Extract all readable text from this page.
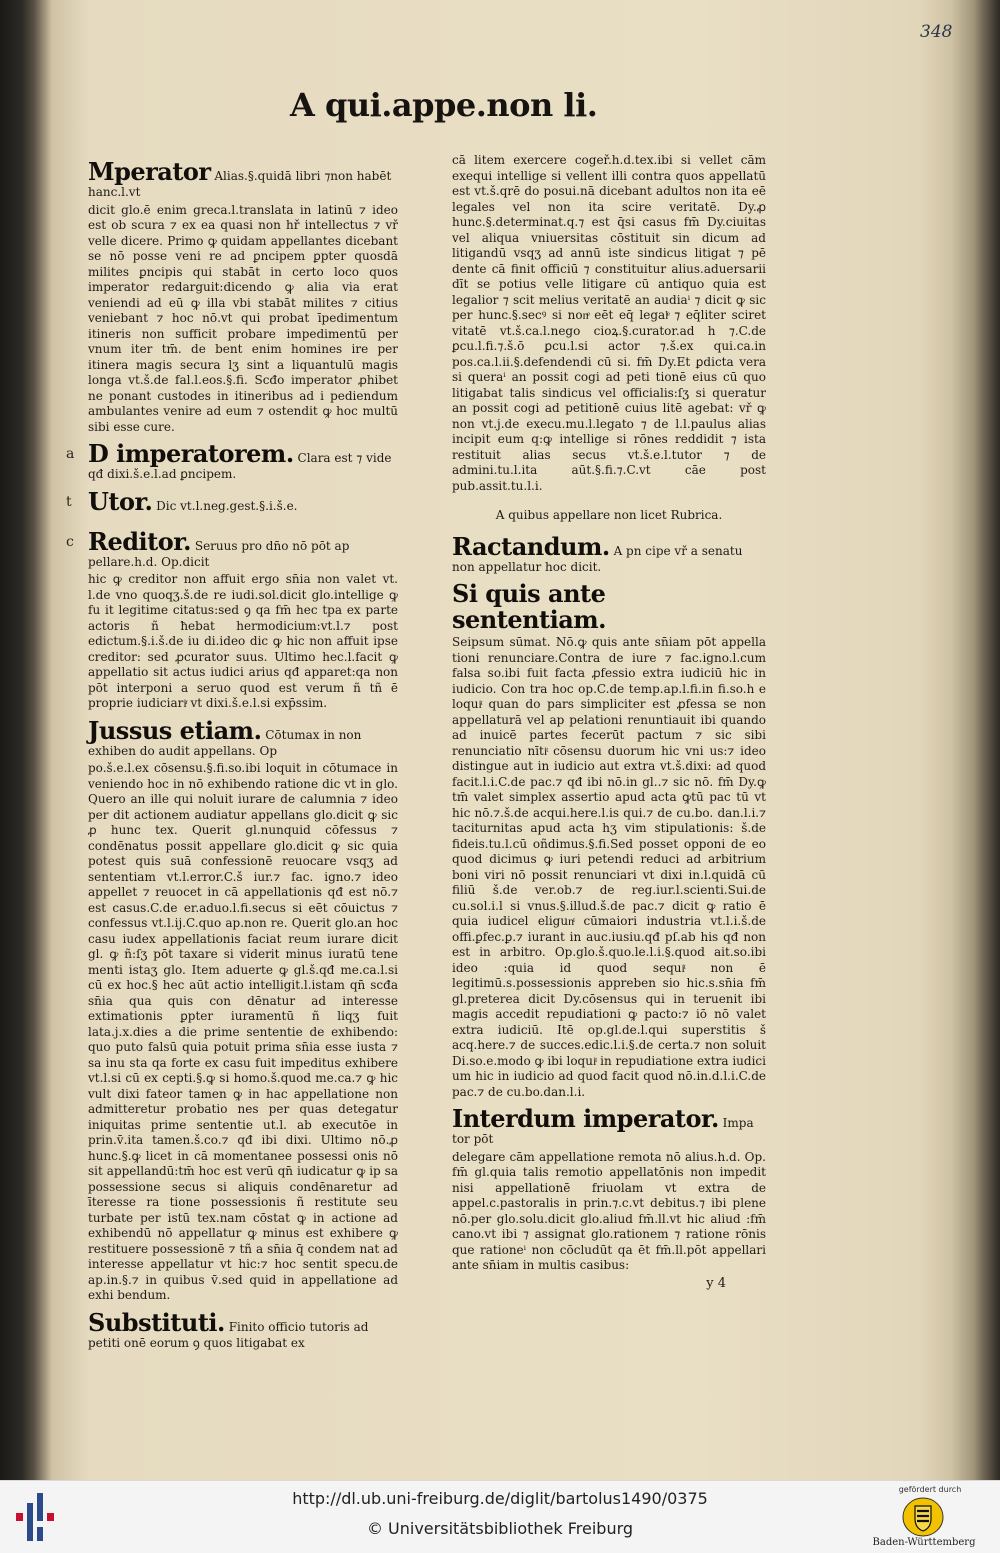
348
A qui.appe.non li.
Mperator Alias.§.quidā libri ⁊non habēt hanc.l.vt

dicit glo.ē enim greca.l.translata in latinū ⁊ ideo est ob scura ⁊ ex ea quasi non hř intellectus ⁊ vř velle dicere. Primo ꝙ quidam appellantes dicebant se nō posse veni re ad ꝑncipem ꝑpter quosdā milites ꝑncipis qui stabāt in certo loco quos imperator redarguit:dicendo ꝙ alia via erat veniendi ad eū ꝙ illa vbi stabāt milites ⁊ citius veniebant ⁊ hoc nō.vt qui probat īpedimentum itineris non sufficit probare impedimentū per vnum iter tm̄. de bent enim homines ire per itinera magis secura lʒ sint a liquantulū magis longa vt.š.de fal.l.eos.§.fi. Scđo imperator ꝓhibet ne ponant custodes in itineribus ad i pediendum ambulantes venire ad eum ⁊ ostendit ꝙ hoc multū sibi esse cure.

a D imperatorem. Clara est ⁊ vide qđ dixi.š.e.l.ad ꝑncipem.
t Utor. Dic vt.l.neg.gest.§.i.š.e.
c Reditor. Seruus pro dn̄o nō pōt ap pellare.h.d. Op.dicit

hic ꝙ creditor non affuit ergo sn̄ia non valet vt. l.de vno quoqʒ.š.de re iudi.sol.dicit glo.intellige ꝙ fu it legitime citatus:sed ꝯ qa fm̄ hec tpa ex parte actoris ñ ħebat hermodicium:vt.l.⁊ post edictum.§.i.š.de iu di.ideo dic ꝙ hic non affuit ipse creditor: sed ꝓcurator suus. Ultimo hec.l.facit ꝙ appellatio sit actus iudici arius qđ apparet:qa non pōt interponi a seruo quod est verum ñ tñ ē proprie iudiciariͬ vt dixi.š.e.l.si exp̄ssim.

Jussus etiam. Cōtumax in non exhiben do audit appellans. Op

po.š.e.l.ex cōsensu.§.fi.so.ibi loquit in cōtumace in veniendo hoc in nō exhibendo ratione dic vt in glo. Quero an ille qui noluit iurare de calumnia ⁊ ideo per dit actionem audiatur appellans glo.dicit ꝙ sic ꝓ hunc tex. Querit gl.nunquid cōfessus ⁊ condēnatus possit appellare glo.dicit ꝙ sic quia potest quis suā confessionē reuocare vsqʒ ad sententiam vt.l.error.C.š iur.⁊ fac. igno.⁊ ideo appellet ⁊ reuocet in cā appellationis qđ est nō.⁊ est casus.C.de er.aduo.l.fi.secus si eēt cōuictus ⁊ confessus vt.l.ij.C.quo ap.non re. Querit glo.an hoc casu iudex appellationis faciat reum iurare dicit gl. ꝙ ñ:ſʒ pōt taxare si viderit minus iuratū tene menti istaʒ glo. Item aduerte ꝙ gl.š.qđ me.ca.l.si cū ex hoc.§ hec aūt actio intelligit.l.istam qn̄ scđa sn̄ia qua quis con dēnatur ad interesse extimationis ꝑpter iuramentū ñ liqʒ fuit lata.j.x.dies a die prime sententie de exhibendo: quo puto falsū quia potuit prima sn̄ia esse iusta ⁊ sa inu sta qa forte ex casu fuit impeditus exhibere vt.l.si cū ex cepti.§.ꝙ si homo.š.quod me.ca.⁊ ꝙ hic vult dixi fateor tamen ꝙ in hac appellatione non admitteretur probatio nes per quas detegatur iniquitas prime sententie ut.l. ab executōe in prin.v̄.ita tamen.š.co.⁊ qđ ibi dixi. Ultimo nō.ꝓ hunc.§.ꝙ licet in cā momentanee possessi onis nō sit appellandū:tm̄ hoc est verū qn̄ iudicatur ꝙ ip sa possessione secus si aliquis condēnaretur ad īteresse ra tione possessionis ñ restitute seu turbate per istū tex.nam cōstat ꝙ in actione ad exhibendū nō appellatur ꝙ minus est exhibere ꝙ restituere possessionē ⁊ tñ a sn̄ia q̄ condem nat ad interesse appellatur vt hic:⁊ hoc sentit specu.de ap.in.§.⁊ in quibus v̄.sed quid in appellatione ad exhi bendum.

Substituti. Finito officio tutoris ad petiti onē eorum ꝯ quos litigabat ex

cā litem exercere cogeř.h.d.tex.ibi si vellet cām exequi intellige si vellent illi contra quos appellatū est vt.š.qrē do posui.nā dicebant adultos non ita eē legales vel non ita scire veritatē. Dy.ꝓ hunc.§.determinat.q.⁊ est q̄si casus fm̄ Dy.ciuitas vel aliqua vniuersitas cōstituit sin dicum ad litigandū vsqʒ ad annū iste sindicus litigat ⁊ pē dente cā finit officiū ⁊ constituitur alius.aduersarii dīt se potius velle litigare cū antiquo quia est legalior ⁊ scit melius veritatē an audiaⁱ ⁊ dicit ꝙ sic per hunc.§.secꝰ si nonͤ eēt eq̄ legalͤ ⁊ eq̄liter sciret vitatē vt.š.ca.l.nego cioꝝ.§.curator.ad h ⁊.C.de ꝑcu.l.fi.⁊.š.ō ꝑcu.l.si actor ⁊.š.ex qui.ca.in pos.ca.l.ii.§.defendendi cū si. fm̄ Dy.Et ꝑdicta vera si queraⁱ an possit cogi ad peti tionē eius cū quo litigabat talis sindicus vel officialis:ſʒ si queratur an possit cogi ad petitionē cuius litē agebat: vř ꝙ non vt.j.de execu.mu.l.legato ⁊ de l.l.paulus alias incipit eum q:ꝙ intellige si rōnes reddidit ⁊ ista restituit alias secus vt.š.e.l.tutor ⁊ de admini.tu.l.ita aūt.§.fi.⁊.C.vt cāe post pub.assit.tu.l.i.

A quibus appellare non licet Rubrica.
Ractandum. A pn cipe vř a senatu non appellatur hoc dicit.
Si quis ante sententiam.

Seipsum sūmat. Nō.ꝙ quis ante sn̄iam pōt appella tioni renunciare.Contra de iure ⁊ fac.igno.l.cum falsa so.ibi fuit facta ꝓfessio extra iudiciū hic in iudicio. Con tra hoc op.C.de temp.ap.l.fi.in fi.so.h e loquiͭ quan do pars simpliciter est ꝓfessa se non appellaturā vel ap pelationi renuntiauit ibi quando ad inuicē partes fecerūt pactum ⁊ sic sibi renunciatio nītiͭ cōsensu duorum hic vni us:⁊ ideo distingue aut in iudicio aut extra vt.š.dixi: ad quod facit.l.i.C.de pac.⁊ qđ ibi nō.in gl..⁊ sic nō. fm̄ Dy.ꝙ tm̄ valet simplex assertio apud acta ꝙtū pac tū vt hic nō.⁊.š.de acqui.here.l.is qui.⁊ de cu.bo. dan.l.i.⁊ taciturnitas apud acta hʒ vim stipulationis: š.de fideis.tu.l.cū oñdimus.§.fi.Sed posset opponi de eo quod dicimus ꝙ iuri petendi reduci ad arbitrium boni viri nō possit renunciari vt dixi in.l.quidā cū filiū š.de ver.ob.⁊ de reg.iur.l.scienti.Sui.de cu.sol.i.l si vnus.§.illud.š.de pac.⁊ dicit ꝙ ratio ē quia iudicel eligunͭ cūmaiori industria vt.l.i.š.de offi.ꝑfec.ꝑ.⁊ iurant in auc.iusiu.qđ pſ.ab his qđ non est in arbitro. Op.glo.š.quo.le.l.i.§.quod ait.so.ibi ideo :quia id quod sequiͭ non ē legitimū.s.possessionis appreben sio hic.s.sn̄ia fm̄ gl.preterea dicit Dy.cōsensus qui in teruenit ibi magis accedit repudiationi ꝙ pacto:⁊ iō nō valet extra iudiciū. Itē op.gl.de.l.qui superstitis š acq.here.⁊ de succes.edic.l.i.§.de certa.⁊ non soluit Di.so.e.modo ꝙ ibi loquiͭ in repudiatione extra iudici um hic in iudicio ad quod facit quod nō.in.d.l.i.C.de pac.⁊ de cu.bo.dan.l.i.

Interdum imperator. Impa tor pōt

delegare cām appellatione remota nō alius.h.d. Op. fm̄ gl.quia talis remotio appellatōnis non impedit nisi appellationē friuolam vt extra de appel.c.pastoralis in prin.⁊.c.vt debitus.⁊ ibi plene nō.per glo.solu.dicit glo.aliud fm̄.ll.vt hic aliud :fm̄ cano.vt ibi ⁊ assignat glo.rationem ⁊ ratione rōnis que rationeⁱ non cōcludūt qa ēt fm̄.ll.pōt appellari ante sn̄iam in multis casibus:

y 4
http://dl.ub.uni-freiburg.de/diglit/bartolus1490/0375
© Universitätsbibliothek Freiburg
gefördert durch
Baden-Württemberg
